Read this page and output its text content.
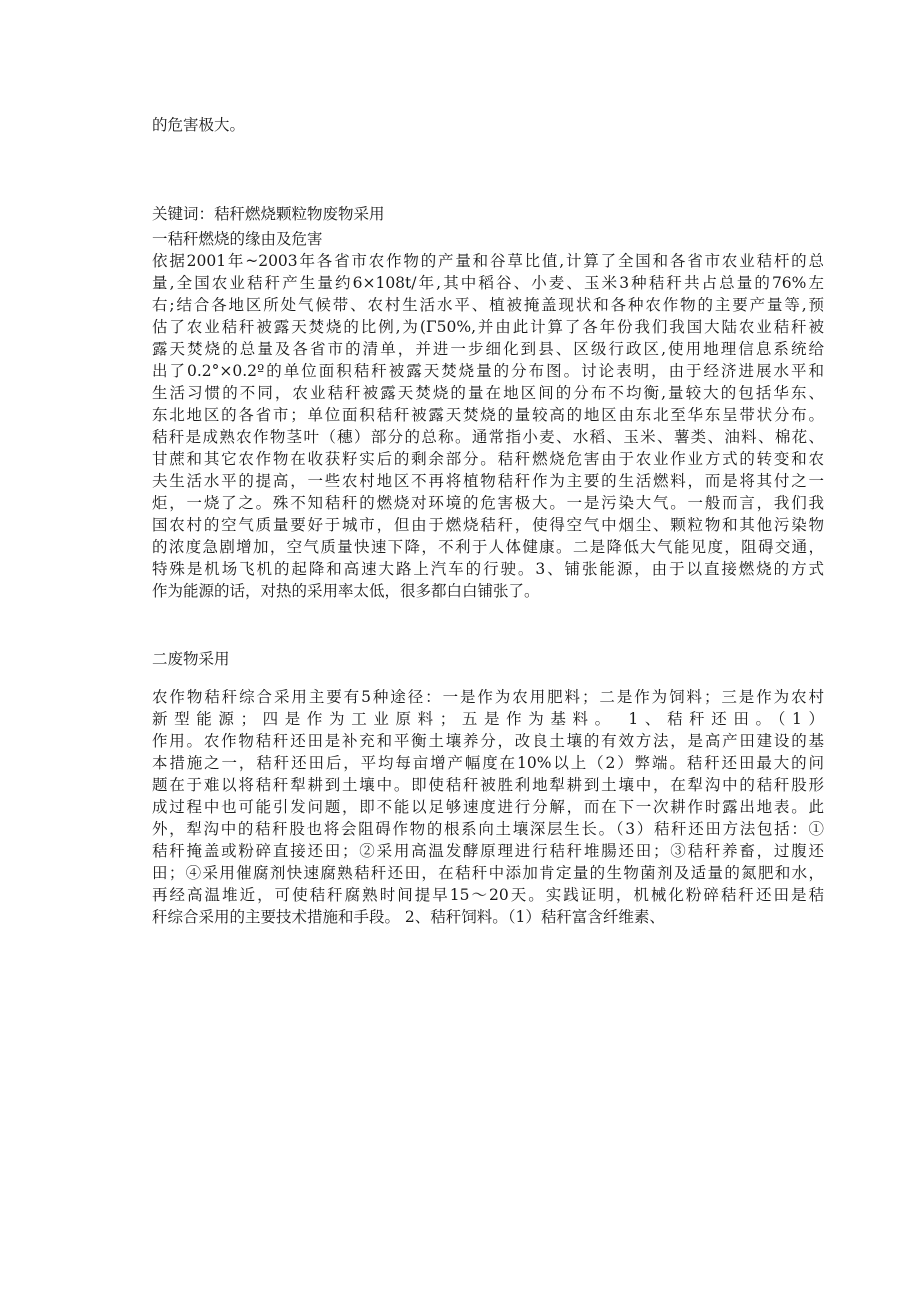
的危害极大。
关键词：秸秆燃烧颗粒物废物采用
一秸秆燃烧的缘由及危害
依据2001年~2003年各省市农作物的产量和谷草比值,计算了全国和各省市农业秸杆的总
量,全国农业秸秆产生量约6×108t/年,其中稻谷、小麦、玉米3种秸秆共占总量的76%左
右;结合各地区所处气候带、农村生活水平、植被掩盖现状和各种农作物的主要产量等,预
估了农业秸秆被露天焚烧的比例,为(Γ50%,并由此计算了各年份我们我国大陆农业秸秆被
露天焚烧的总量及各省市的清单，并进一步细化到县、区级行政区,使用地理信息系统给
出了0.2°×0.2º的单位面积秸秆被露天焚烧量的分布图。讨论表明，由于经济进展水平和
生活习惯的不同，农业秸秆被露天焚烧的量在地区间的分布不均衡,量较大的包括华东、
东北地区的各省市；单位面积秸秆被露天焚烧的量较高的地区由东北至华东呈带状分布。
秸秆是成熟农作物茎叶（穗）部分的总称。通常指小麦、水稻、玉米、薯类、油料、棉花、
甘蔗和其它农作物在收获籽实后的剩余部分。秸秆燃烧危害由于农业作业方式的转变和农
夫生活水平的提高，一些农村地区不再将植物秸秆作为主要的生活燃料，而是将其付之一
炬，一烧了之。殊不知秸秆的燃烧对环境的危害极大。一是污染大气。一般而言，我们我
国农村的空气质量要好于城市，但由于燃烧秸秆，使得空气中烟尘、颗粒物和其他污染物
的浓度急剧增加，空气质量快速下降，不利于人体健康。二是降低大气能见度，阻碍交通，
特殊是机场飞机的起降和高速大路上汽车的行驶。3、铺张能源，由于以直接燃烧的方式
作为能源的话，对热的采用率太低，很多都白白铺张了。
二废物采用
农作物秸秆综合采用主要有5种途径：一是作为农用肥料；二是作为饲料；三是作为农村
新型能源；四是作为工业原料；五是作为基料。 1、秸秆还田。（1）
作用。农作物秸秆还田是补充和平衡土壤养分，改良土壤的有效方法，是高产田建设的基
本措施之一，秸秆还田后，平均每亩增产幅度在10%以上（2）弊端。秸秆还田最大的问
题在于难以将秸秆犁耕到土壤中。即使秸秆被胜利地犁耕到土壤中，在犁沟中的秸秆股形
成过程中也可能引发问题，即不能以足够速度进行分解，而在下一次耕作时露出地表。此
外，犁沟中的秸秆股也将会阻碍作物的根系向土壤深层生长。（3）秸秆还田方法包括：①
秸秆掩盖或粉碎直接还田；②采用高温发酵原理进行秸秆堆腸还田；③秸秆养畜，过腹还
田；④采用催腐剂快速腐熟秸秆还田，在秸秆中添加肯定量的生物菌剂及适量的氮肥和水，
再经高温堆近，可使秸秆腐熟时间提早15～20天。实践证明，机械化粉碎秸秆还田是秸
秆综合采用的主要技术措施和手段。 2、秸秆饲料。（1）秸秆富含纤维素、
